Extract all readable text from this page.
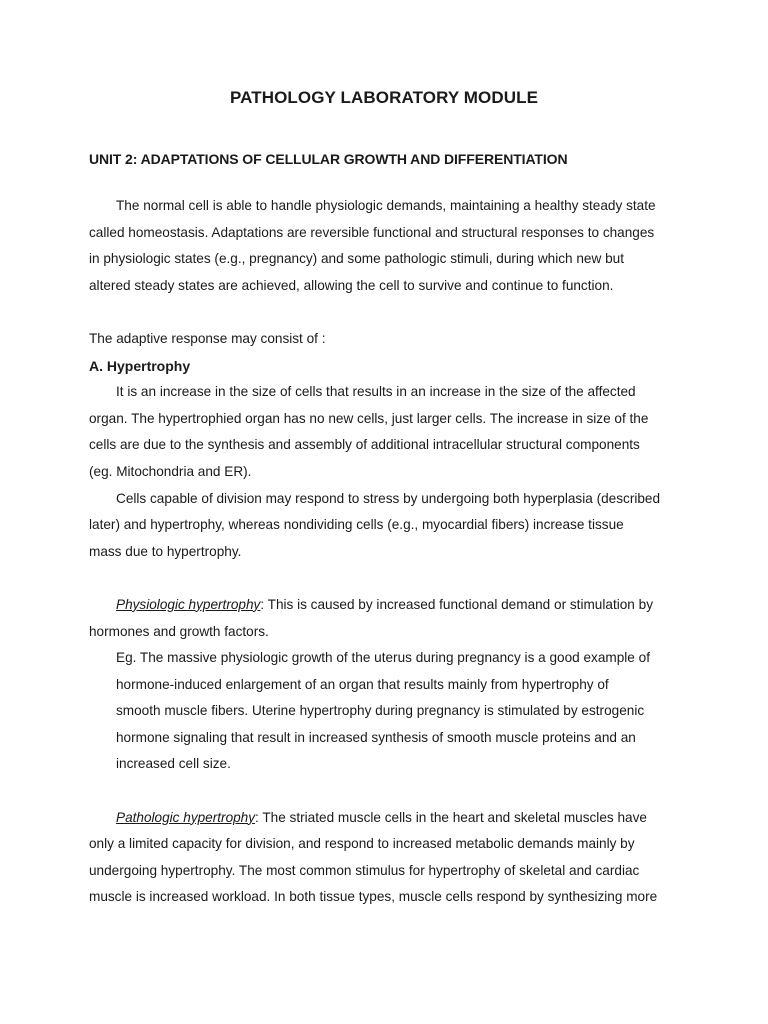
PATHOLOGY LABORATORY MODULE
UNIT 2: ADAPTATIONS OF CELLULAR GROWTH AND DIFFERENTIATION
The normal cell is able to handle physiologic demands, maintaining a healthy steady state
called homeostasis. Adaptations are reversible functional and structural responses to changes
in physiologic states (e.g., pregnancy) and some pathologic stimuli, during which new but
altered steady states are achieved, allowing the cell to survive and continue to function.
The adaptive response may consist of :
A. Hypertrophy
It is an increase in the size of cells that results in an increase in the size of the affected
organ. The hypertrophied organ has no new cells, just larger cells. The increase in size of the
cells are due to the synthesis and assembly of additional intracellular structural components
(eg. Mitochondria and ER).
Cells capable of division may respond to stress by undergoing both hyperplasia (described
later) and hypertrophy, whereas nondividing cells (e.g., myocardial fibers) increase tissue
mass due to hypertrophy.
Physiologic hypertrophy: This is caused by increased functional demand or stimulation by
hormones and growth factors.
Eg. The massive physiologic growth of the uterus during pregnancy is a good example of
hormone-induced enlargement of an organ that results mainly from hypertrophy of
smooth muscle fibers. Uterine hypertrophy during pregnancy is stimulated by estrogenic
hormone signaling that result in increased synthesis of smooth muscle proteins and an
increased cell size.
Pathologic hypertrophy: The striated muscle cells in the heart and skeletal muscles have
only a limited capacity for division, and respond to increased metabolic demands mainly by
undergoing hypertrophy. The most common stimulus for hypertrophy of skeletal and cardiac
muscle is increased workload. In both tissue types, muscle cells respond by synthesizing more
